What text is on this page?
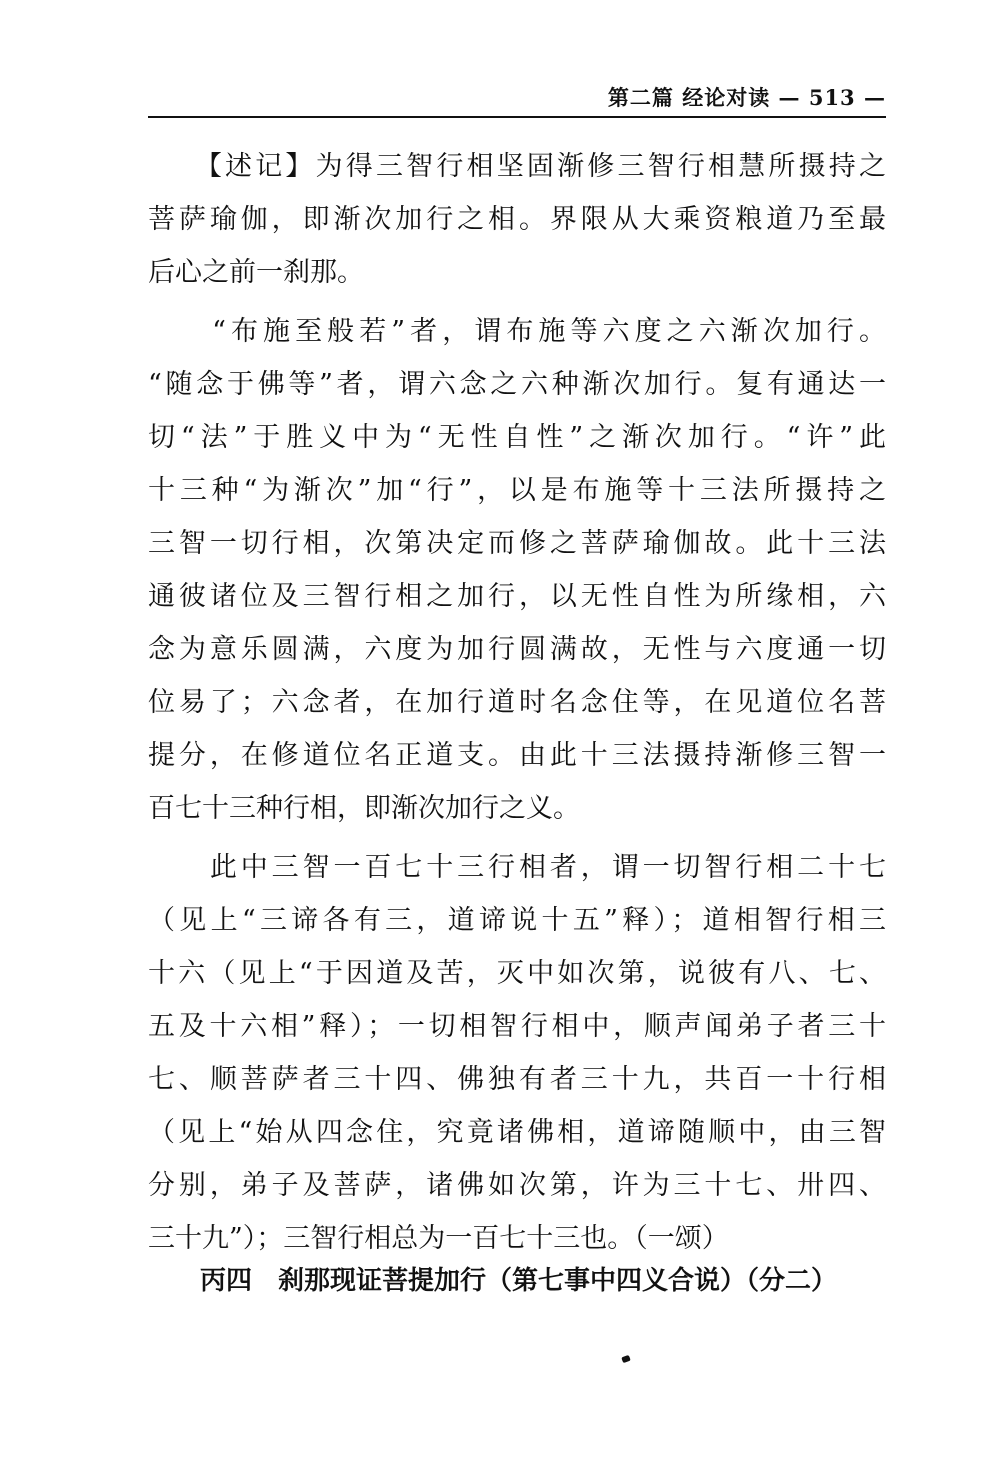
第二篇 经论对读 — 513 —
　　【述记】为得三智行相坚固渐修三智行相慧所摄持之
菩萨瑜伽，即渐次加行之相。界限从大乘资粮道乃至最
后心之前一刹那。
　　“布施至般若”者，谓布施等六度之六渐次加行。
“随念于佛等”者，谓六念之六种渐次加行。复有通达一
切“法”于胜义中为“无性自性”之渐次加行。“许”此
十三种“为渐次”加“行”，以是布施等十三法所摄持之
三智一切行相，次第决定而修之菩萨瑜伽故。此十三法
通彼诸位及三智行相之加行，以无性自性为所缘相，六
念为意乐圆满，六度为加行圆满故，无性与六度通一切
位易了；六念者，在加行道时名念住等，在见道位名菩
提分，在修道位名正道支。由此十三法摄持渐修三智一
百七十三种行相，即渐次加行之义。
　　此中三智一百七十三行相者，谓一切智行相二十七
（见上“三谛各有三，道谛说十五”释）；道相智行相三
十六（见上“于因道及苦，灭中如次第，说彼有八、七、
五及十六相”释）；一切相智行相中，顺声闻弟子者三十
七、顺菩萨者三十四、佛独有者三十九，共百一十行相
（见上“始从四念住，究竟诸佛相，道谛随顺中，由三智
分别，弟子及菩萨，诸佛如次第，许为三十七、卅四、
三十九”）；三智行相总为一百七十三也。（一颂）
丙四 刹那现证菩提加行（第七事中四义合说）（分二）
